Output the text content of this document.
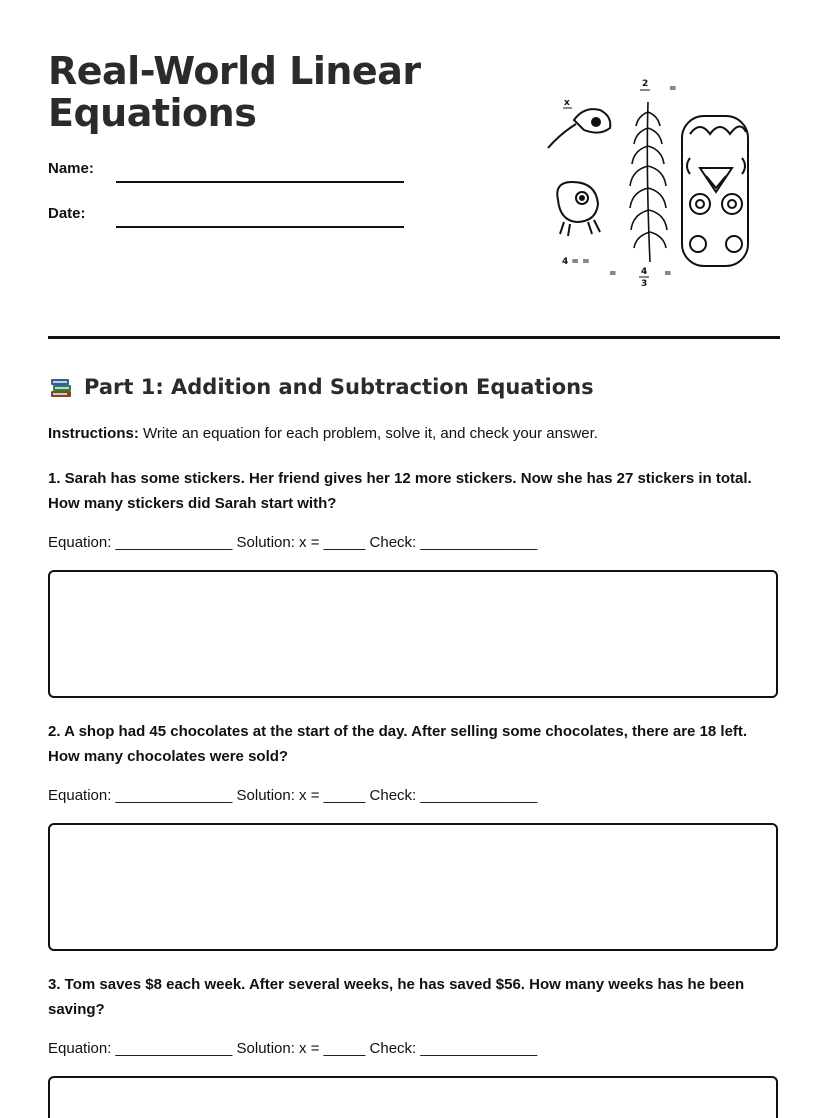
Real-World Linear Equations
Name:
Date:
x
2 =
4 = =
=	4
3
=
Part 1: Addition and Subtraction Equations
Instructions: Write an equation for each problem, solve it, and check your answer.
1. Sarah has some stickers. Her friend gives her 12 more stickers. Now she has 27 stickers in total. How many stickers did Sarah start with?
Equation: ______________ Solution: x = _____ Check: ______________
2. A shop had 45 chocolates at the start of the day. After selling some chocolates, there are 18 left. How many chocolates were sold?
Equation: ______________ Solution: x = _____ Check: ______________
3. Tom saves $8 each week. After several weeks, he has saved $56. How many weeks has he been saving?
Equation: ______________ Solution: x = _____ Check: ______________
